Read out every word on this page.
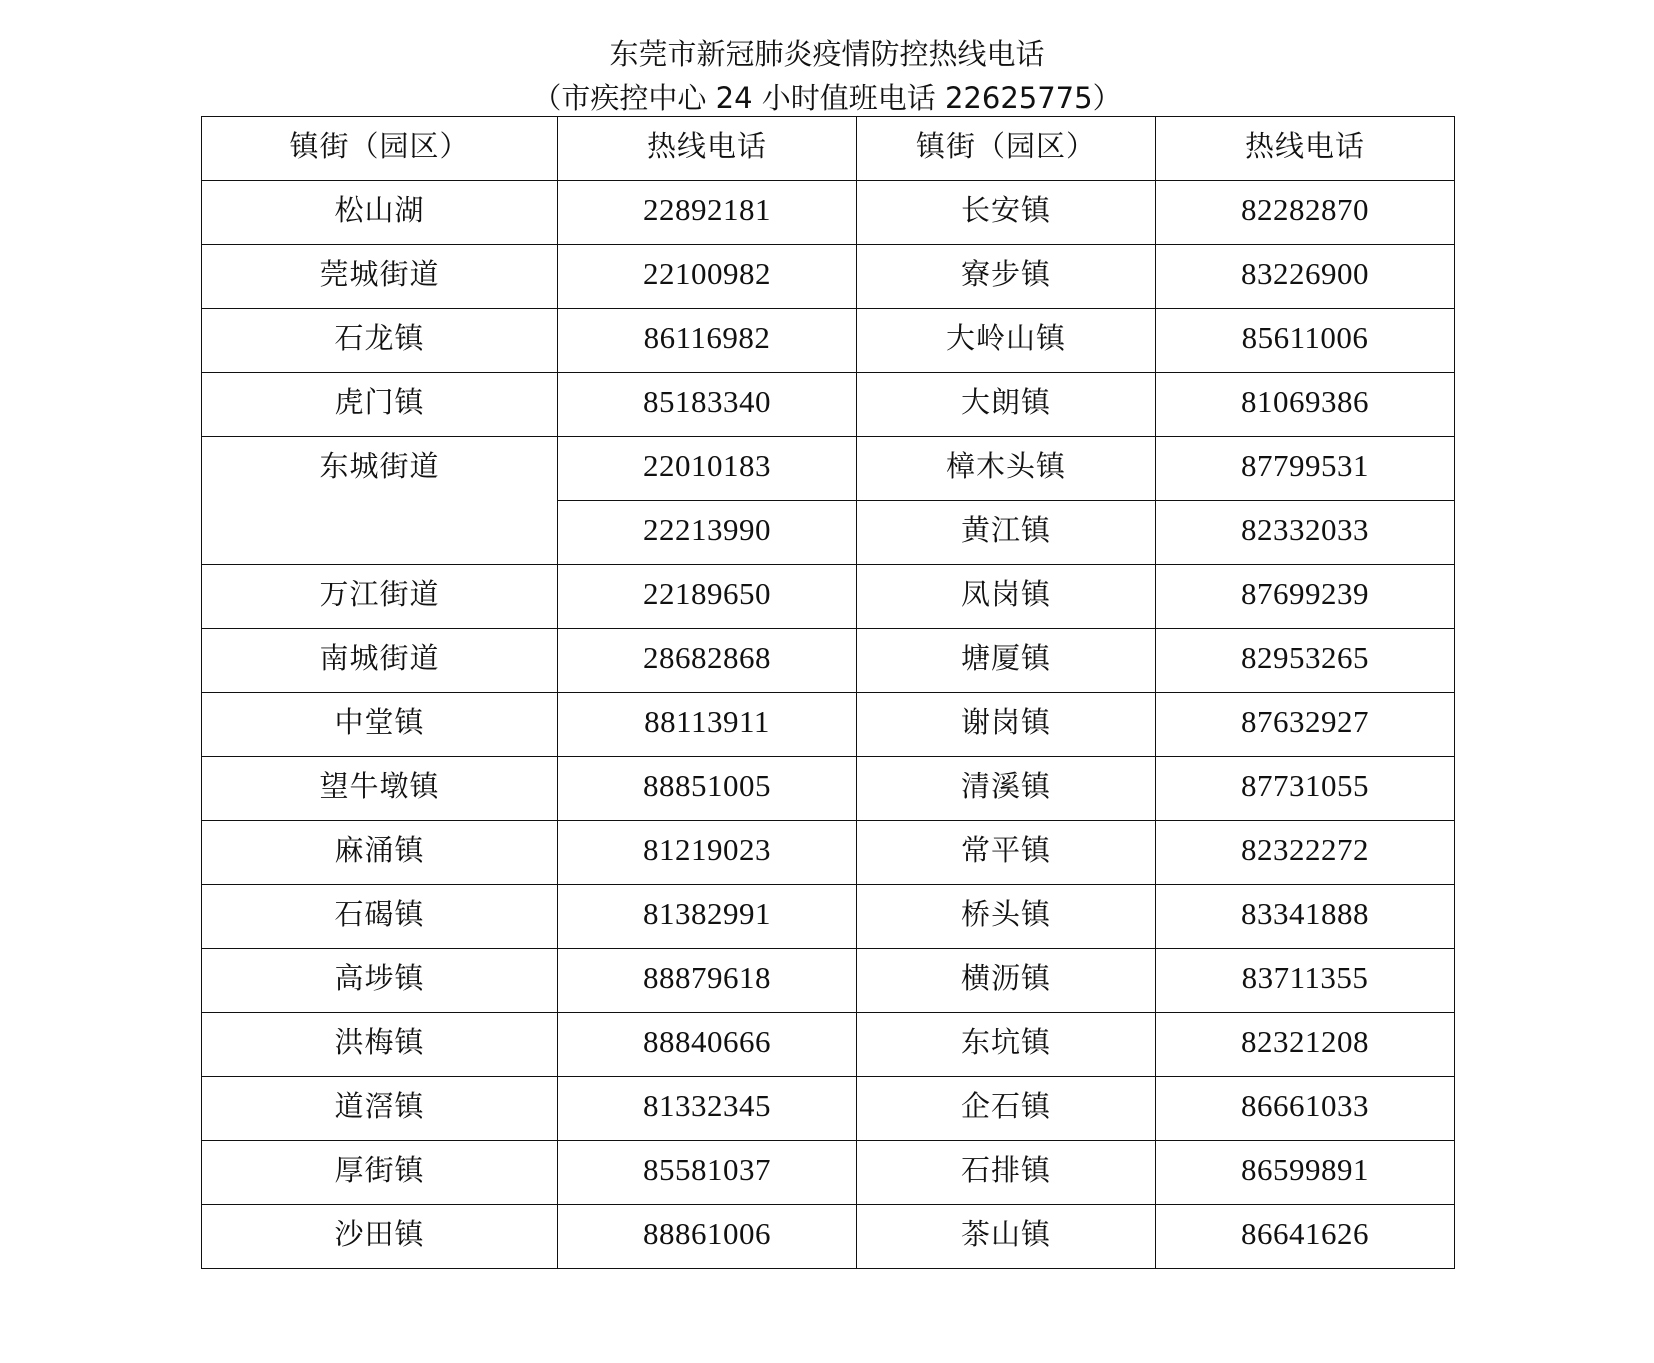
东莞市新冠肺炎疫情防控热线电话
（市疾控中心 24 小时值班电话 22625775）
镇街（园区）	热线电话	镇街（园区）	热线电话

松山湖	22892181	长安镇	82282870

莞城街道	22100982	寮步镇	83226900

石龙镇	86116982	大岭山镇	85611006

虎门镇	85183340	大朗镇	81069386

东城街道	22010183	樟木头镇	87799531

	22213990	黄江镇	82332033

万江街道	22189650	凤岗镇	87699239

南城街道	28682868	塘厦镇	82953265

中堂镇	88113911	谢岗镇	87632927

望牛墩镇	88851005	清溪镇	87731055

麻涌镇	81219023	常平镇	82322272

石碣镇	81382991	桥头镇	83341888

高埗镇	88879618	横沥镇	83711355

洪梅镇	88840666	东坑镇	82321208

道滘镇	81332345	企石镇	86661033

厚街镇	85581037	石排镇	86599891

沙田镇	88861006	茶山镇	86641626
